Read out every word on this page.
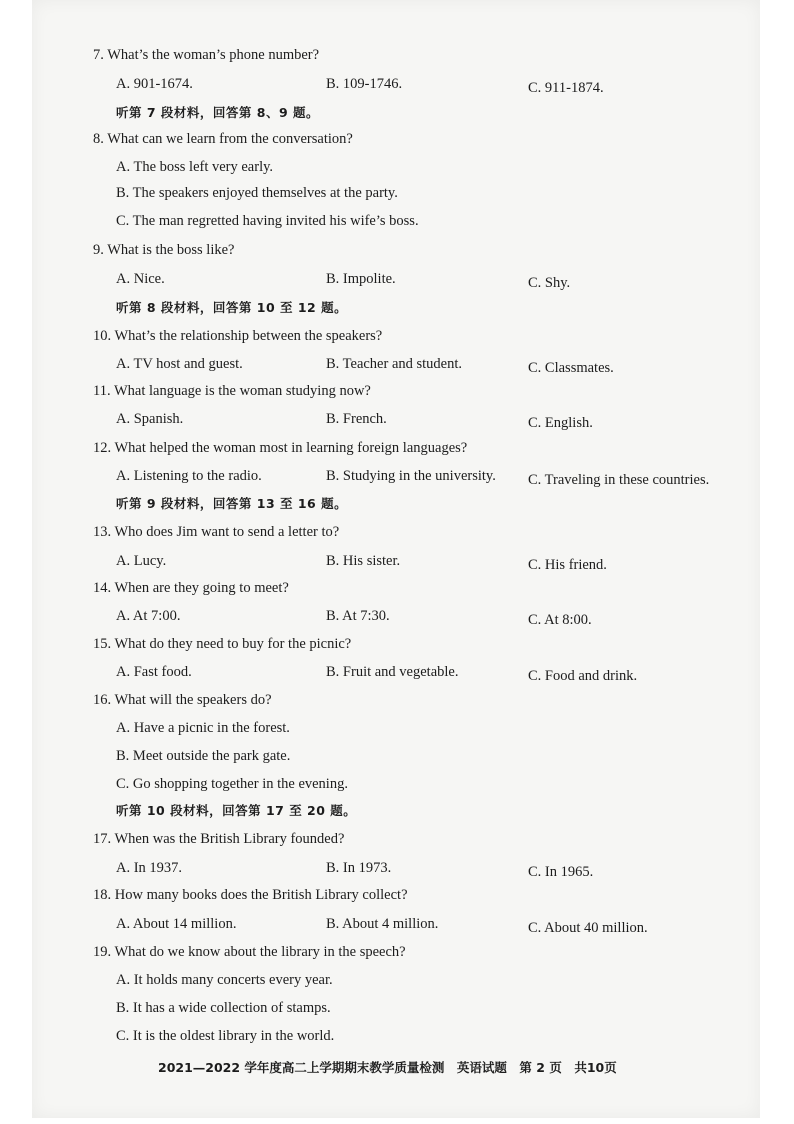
7. What’s the woman’s phone number?
A. 901-1674.	B. 109-1746.	C. 911-1874.
听第 7 段材料，回答第 8、9 题。
8. What can we learn from the conversation?
A. The boss left very early.
B. The speakers enjoyed themselves at the party.
C. The man regretted having invited his wife’s boss.
9. What is the boss like?
A. Nice.	B. Impolite.	C. Shy.
听第 8 段材料，回答第 10 至 12 题。
10. What’s the relationship between the speakers?
A. TV host and guest.	B. Teacher and student.	C. Classmates.
11. What language is the woman studying now?
A. Spanish.	B. French.	C. English.
12. What helped the woman most in learning foreign languages?
A. Listening to the radio.	B. Studying in the university. C. Traveling in these countries.
听第 9 段材料，回答第 13 至 16 题。
13. Who does Jim want to send a letter to?
A. Lucy.	B. His sister.	C. His friend.
14. When are they going to meet?
A. At 7:00.	B. At 7:30.	C. At 8:00.
15. What do they need to buy for the picnic?
A. Fast food.	B. Fruit and vegetable.	C. Food and drink.
16. What will the speakers do?
A. Have a picnic in the forest.
B. Meet outside the park gate.
C. Go shopping together in the evening.
听第 10 段材料，回答第 17 至 20 题。
17. When was the British Library founded?
A. In 1937.	B. In 1973.	C. In 1965.
18. How many books does the British Library collect?
A. About 14 million.	B. About 4 million.	C. About 40 million.
19. What do we know about the library in the speech?
A. It holds many concerts every year.
B. It has a wide collection of stamps.
C. It is the oldest library in the world.
2021—2022 学年度高二上学期期末教学质量检测　英语试题　第 2 页　共10页
